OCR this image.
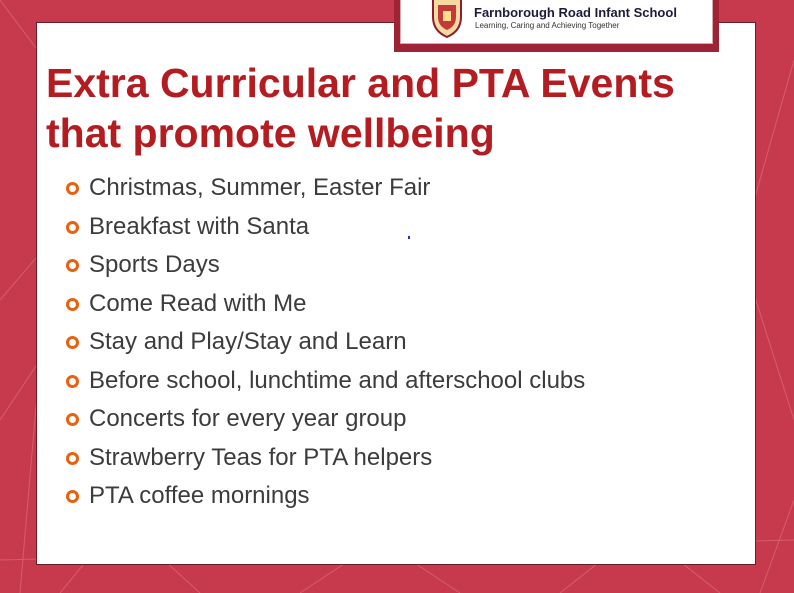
Farnborough Road Infant School
Learning, Caring and Achieving Together
Extra Curricular and PTA Events
that promote wellbeing
Christmas, Summer, Easter Fair
Breakfast with Santa
Sports Days
Come Read with Me
Stay and Play/Stay and Learn
Before school, lunchtime and afterschool clubs
Concerts for every year group
Strawberry Teas for PTA helpers
PTA coffee mornings
